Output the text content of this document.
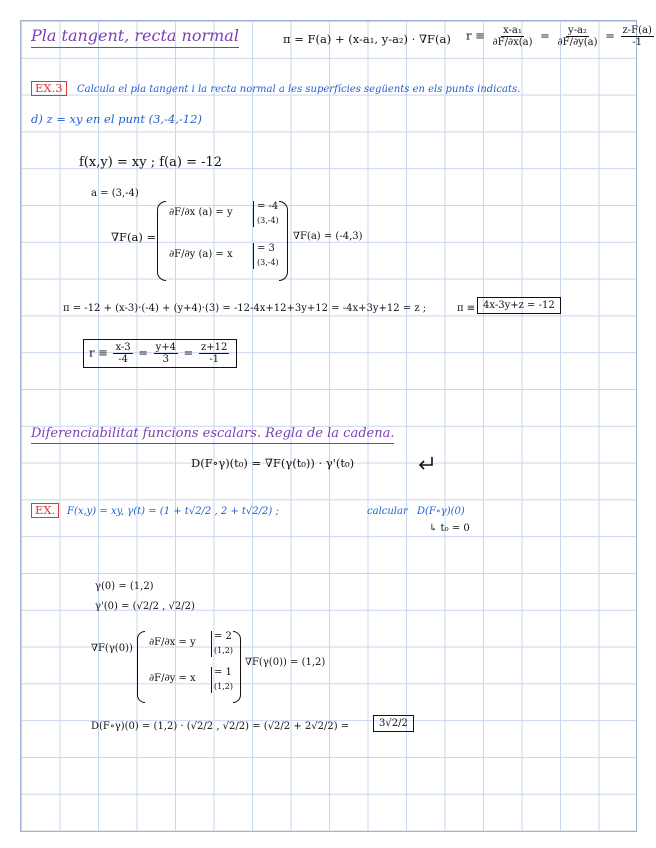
Pla tangent, recta normal	π = F(a) + (x-a₁, y-a₂) · ∇F(a) $r \equiv \frac{\text{x-a₁}}{\partial F/\partial x(a)} = \frac{\text{y-a₂}}{\partial F/\partial y(a)} = \frac{z-F(a)}{-1}$
EX.3	Calcula el pla tangent i la recta normal a les superfícies següents en els punts indicats.
d) z = xy en el punt (3,-4,-12)
f(x,y) = xy ; f(a) = -12
a = (3,-4)
∇F(a) =
∂F/∂x (a) = y
= -4
(3,-4)
∂F/∂y (a) = x
= 3
(3,-4)
∇F(a) = (-4,3)
π = -12 + (x-3)·(-4) + (y+4)·(3) = -12-4x+12+3y+12 = -4x+3y+12 = z ;	π ≡ 4x-3y+z = -12
$r \equiv \frac{x-3}{-4} = \frac{y+4}{3} = \frac{z+12}{-1}$
Diferenciabilitat funcions escalars. Regla de la cadena.
D(F∘γ)(t₀) = ∇F(γ(t₀)) · γ'(t₀)
EX.	F(x,y) = xy, γ(t) = (1 + t√2/2 , 2 + t√2/2) ;	calcular D(F∘γ)(0)
↳ t₀ = 0
γ(0) = (1,2)
γ'(0) = (√2/2 , √2/2)
∇F(γ(0))
∂F/∂x = y
= 2
(1,2)
∂F/∂y = x
= 1
(1,2)
∇F(γ(0)) = (1,2)
D(F∘γ)(0) = (1,2) · (√2/2 , √2/2) = (√2/2 + 2√2/2) =	3√2/2
